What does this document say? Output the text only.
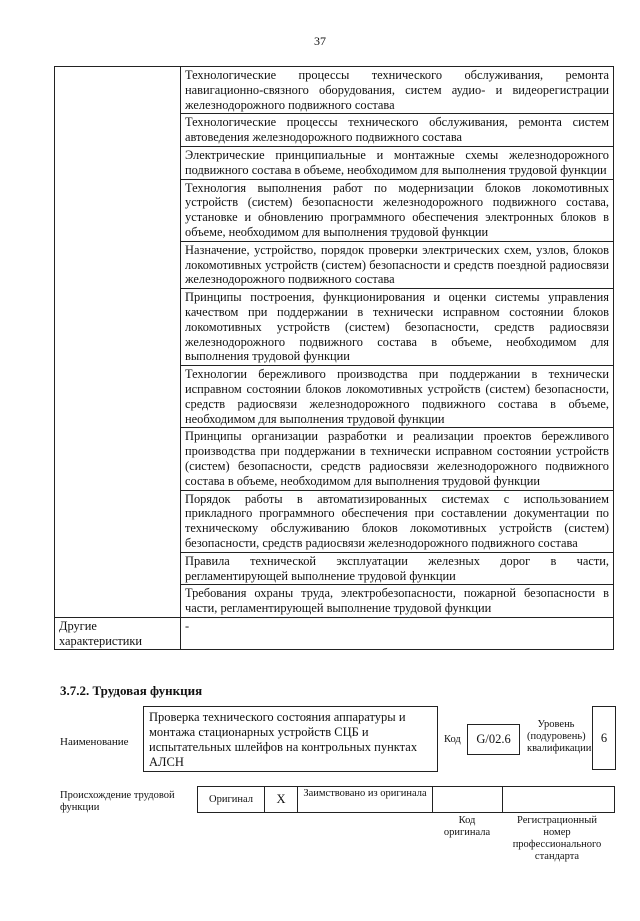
37
	Технологические процессы технического обслуживания, ремонта навигационно-связного оборудования, систем аудио- и видеорегистрации железнодорожного подвижного состава
	Технологические процессы технического обслуживания, ремонта систем автоведения железнодорожного подвижного состава
	Электрические принципиальные и монтажные схемы железнодорожного подвижного состава в объеме, необходимом для выполнения трудовой функции
	Технология выполнения работ по модернизации блоков локомотивных устройств (систем) безопасности железнодорожного подвижного состава, установке и обновлению программного обеспечения электронных блоков в объеме, необходимом для выполнения трудовой функции
	Назначение, устройство, порядок проверки электрических схем, узлов, блоков локомотивных устройств (систем) безопасности и средств поездной радиосвязи железнодорожного подвижного состава
	Принципы построения, функционирования и оценки системы управления качеством при поддержании в технически исправном состоянии блоков локомотивных устройств (систем) безопасности, средств радиосвязи железнодорожного подвижного состава в объеме, необходимом для выполнения трудовой функции
	Технологии бережливого производства при поддержании в технически исправном состоянии блоков локомотивных устройств (систем) безопасности, средств радиосвязи железнодорожного подвижного состава в объеме, необходимом для выполнения трудовой функции
	Принципы организации разработки и реализации проектов бережливого производства при поддержании в технически исправном состоянии устройств (систем) безопасности, средств радиосвязи железнодорожного подвижного состава в объеме, необходимом для выполнения трудовой функции
	Порядок работы в автоматизированных системах с использованием прикладного программного обеспечения при составлении документации по техническому обслуживанию блоков локомотивных устройств (систем) безопасности, средств радиосвязи железнодорожного подвижного состава
	Правила технической эксплуатации железных дорог в части, регламентирующей выполнение трудовой функции
	Требования охраны труда, электробезопасности, пожарной безопасности в части, регламентирующей выполнение трудовой функции
Другие характеристики	-
3.7.2. Трудовая функция
Наименование
Проверка технического состояния аппаратуры и монтажа стационарных устройств СЦБ и испытательных шлейфов на контрольных пунктах АЛСН
Код	G/02.6
Уровень (подуровень) квалификации
6
Происхождение трудовой функции
Оригинал	X	Заимствовано из оригинала
Код оригинала
Регистрационный номер профессионального стандарта
